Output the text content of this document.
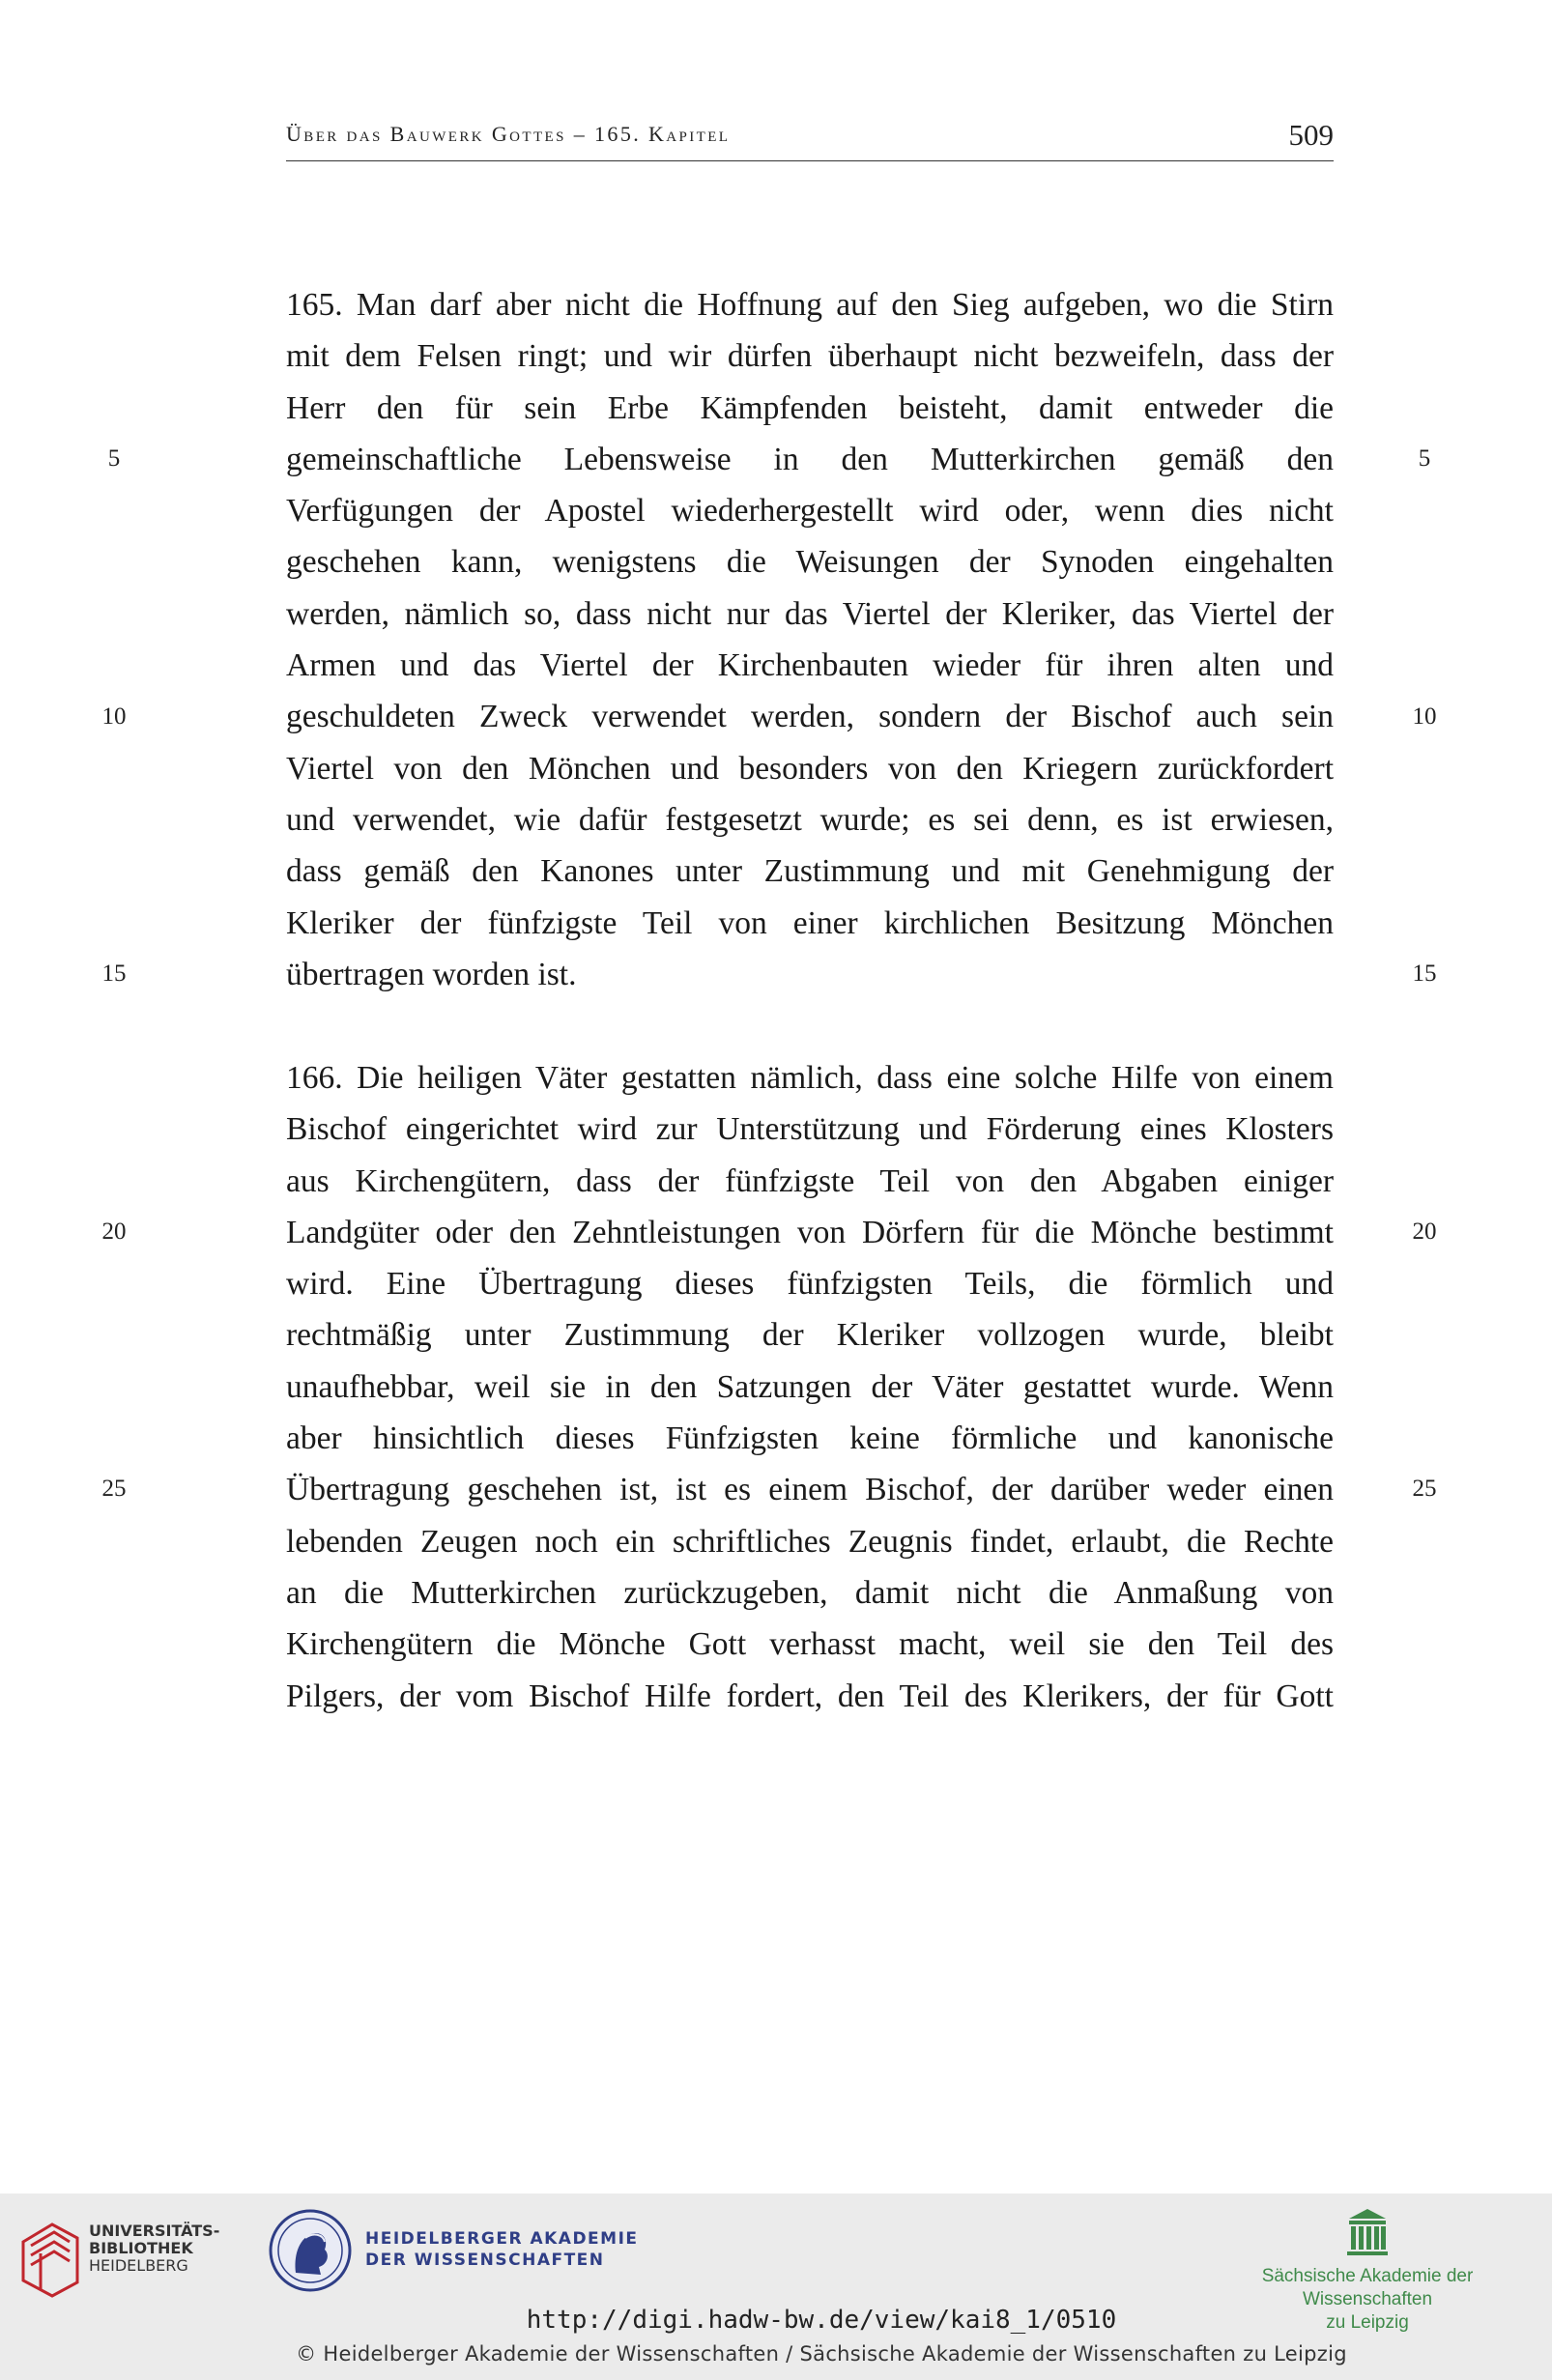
Über das Bauwerk Gottes – 165. Kapitel	509
165. Man darf aber nicht die Hoffnung auf den Sieg aufgeben, wo die Stirn
mit dem Felsen ringt; und wir dürfen überhaupt nicht bezweifeln, dass der
Herr den für sein Erbe Kämpfenden beisteht, damit entweder die
gemeinschaftliche Lebensweise in den Mutterkirchen gemäß den
Verfügungen der Apostel wiederhergestellt wird oder, wenn dies nicht
geschehen kann, wenigstens die Weisungen der Synoden eingehalten
werden, nämlich so, dass nicht nur das Viertel der Kleriker, das Viertel der
Armen und das Viertel der Kirchenbauten wieder für ihren alten und
geschuldeten Zweck verwendet werden, sondern der Bischof auch sein
Viertel von den Mönchen und besonders von den Kriegern zurückfordert
und verwendet, wie dafür festgesetzt wurde; es sei denn, es ist erwiesen,
dass gemäß den Kanones unter Zustimmung und mit Genehmigung der
Kleriker der fünfzigste Teil von einer kirchlichen Besitzung Mönchen
übertragen worden ist.
166. Die heiligen Väter gestatten nämlich, dass eine solche Hilfe von einem
Bischof eingerichtet wird zur Unterstützung und Förderung eines Klosters
aus Kirchengütern, dass der fünfzigste Teil von den Abgaben einiger
Landgüter oder den Zehntleistungen von Dörfern für die Mönche bestimmt
wird. Eine Übertragung dieses fünfzigsten Teils, die förmlich und
rechtmäßig unter Zustimmung der Kleriker vollzogen wurde, bleibt
unaufhebbar, weil sie in den Satzungen der Väter gestattet wurde. Wenn
aber hinsichtlich dieses Fünfzigsten keine förmliche und kanonische
Übertragung geschehen ist, ist es einem Bischof, der darüber weder einen
lebenden Zeugen noch ein schriftliches Zeugnis findet, erlaubt, die Rechte
an die Mutterkirchen zurückzugeben, damit nicht die Anmaßung von
Kirchengütern die Mönche Gott verhasst macht, weil sie den Teil des
Pilgers, der vom Bischof Hilfe fordert, den Teil des Klerikers, der für Gott
5	5
10	10
15	15
20	20
25	25
UNIVERSITÄTS-
BIBLIOTHEK
HEIDELBERG
HEIDELBERGER AKADEMIE
DER WISSENSCHAFTEN
Sächsische Akademie der Wissenschaften
zu Leipzig
http://digi.hadw-bw.de/view/kai8_1/0510
© Heidelberger Akademie der Wissenschaften / Sächsische Akademie der Wissenschaften zu Leipzig
